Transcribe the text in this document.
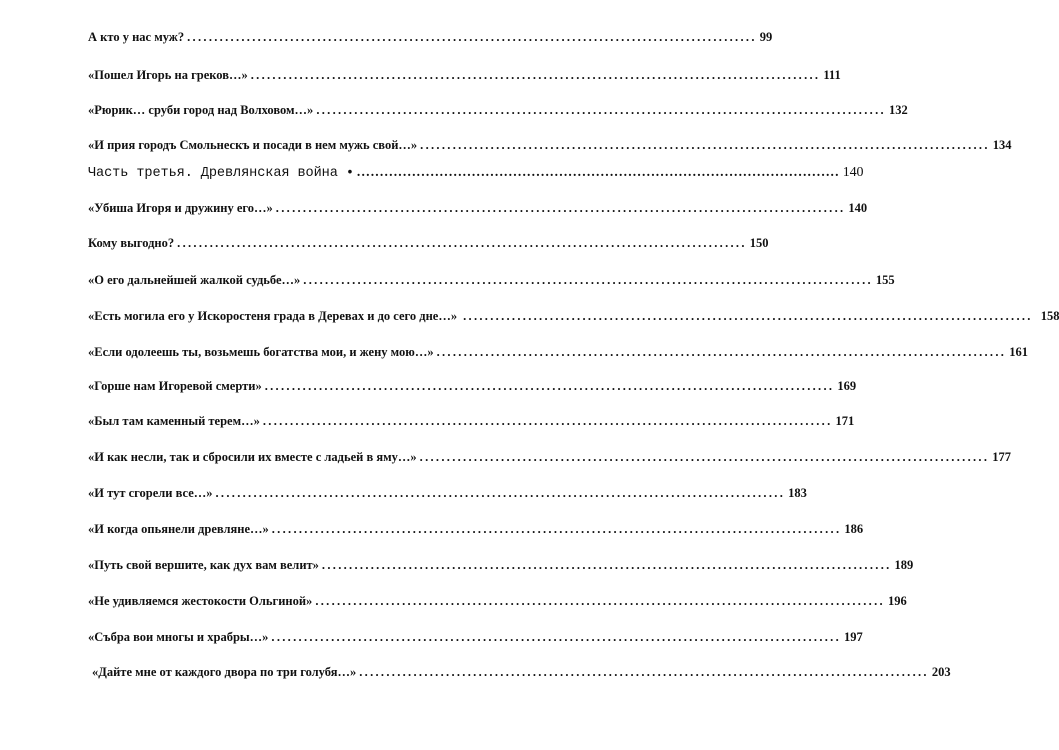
А кто у нас муж? ......................................................................................................... 99
«Пошел Игорь на греков…» ......................................................................................................... 111
«Рюрик… сруби город над Волховом…» ......................................................................................................... 132
«И прия городъ Смольнескъ и посади в нем мужь свой…» ......................................................................................................... 134
Часть третья. Древлянская война • ......................................................................................................... 140
«Убиша Игоря и дружину его…» ......................................................................................................... 140
Кому выгодно? ......................................................................................................... 150
«О его дальнейшей жалкой судьбе…» ......................................................................................................... 155
«Есть могила его у Искоростеня града в Деревах и до сего дне…» ......................................................................................................... 158
«Если одолеешь ты, возьмешь богатства мои, и жену мою…» ......................................................................................................... 161
«Горше нам Игоревой смерти» ......................................................................................................... 169
«Был там каменный терем…» ......................................................................................................... 171
«И как несли, так и сбросили их вместе с ладьей в яму…» ......................................................................................................... 177
«И тут сгорели все…» ......................................................................................................... 183
«И когда опьянели древляне…» ......................................................................................................... 186
«Путь свой вершите, как дух вам велит» ......................................................................................................... 189
«Не удивляемся жестокости Ольгиной» ......................................................................................................... 196
«Събра вои многы и храбры…» ......................................................................................................... 197
«Дайте мне от каждого двора по три голубя…» ......................................................................................................... 203
